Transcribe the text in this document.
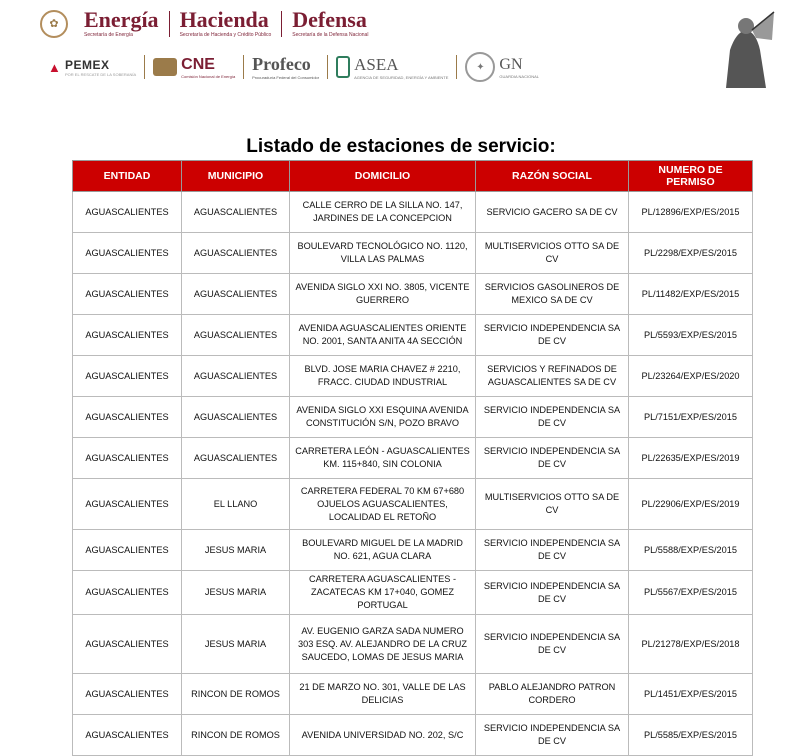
✿	Energía
Secretaría de Energía
Hacienda
Secretaría de Hacienda y Crédito Público
Defensa
Secretaría de la Defensa Nacional
▲ PEMEX
POR EL RESCATE DE LA SOBERANÍA
CNE
Comisión Nacional de Energía
Profeco
Procuraduría Federal del Consumidor
ASEA
AGENCIA DE SEGURIDAD, ENERGÍA Y AMBIENTE
✦ GN
GUARDIA NACIONAL
Listado de estaciones de servicio:
ENTIDAD	MUNICIPIO	DOMICILIO	RAZÓN SOCIAL	NUMERO DE PERMISO
AGUASCALIENTES	AGUASCALIENTES	CALLE CERRO DE LA SILLA NO. 147, JARDINES DE LA CONCEPCION	SERVICIO GACERO SA DE CV	PL/12896/EXP/ES/2015
AGUASCALIENTES	AGUASCALIENTES	BOULEVARD TECNOLÓGICO NO. 1120, VILLA LAS PALMAS	MULTISERVICIOS OTTO SA DE CV	PL/2298/EXP/ES/2015
AGUASCALIENTES	AGUASCALIENTES	AVENIDA SIGLO XXI NO. 3805, VICENTE GUERRERO	SERVICIOS GASOLINEROS DE MEXICO SA DE CV	PL/11482/EXP/ES/2015
AGUASCALIENTES	AGUASCALIENTES	AVENIDA AGUASCALIENTES ORIENTE NO. 2001, SANTA ANITA 4A SECCIÓN	SERVICIO INDEPENDENCIA SA DE CV	PL/5593/EXP/ES/2015
AGUASCALIENTES	AGUASCALIENTES	BLVD. JOSE MARIA CHAVEZ # 2210, FRACC. CIUDAD INDUSTRIAL	SERVICIOS Y REFINADOS DE AGUASCALIENTES SA DE CV	PL/23264/EXP/ES/2020
AGUASCALIENTES	AGUASCALIENTES	AVENIDA SIGLO XXI ESQUINA AVENIDA CONSTITUCIÓN S/N, POZO BRAVO	SERVICIO INDEPENDENCIA SA DE CV	PL/7151/EXP/ES/2015
AGUASCALIENTES	AGUASCALIENTES	CARRETERA LEÓN - AGUASCALIENTES KM. 115+840, SIN COLONIA	SERVICIO INDEPENDENCIA SA DE CV	PL/22635/EXP/ES/2019
AGUASCALIENTES	EL LLANO	CARRETERA FEDERAL 70 KM 67+680 OJUELOS AGUASCALIENTES, LOCALIDAD EL RETOÑO	MULTISERVICIOS OTTO SA DE CV	PL/22906/EXP/ES/2019
AGUASCALIENTES	JESUS MARIA	BOULEVARD MIGUEL DE LA MADRID NO. 621, AGUA CLARA	SERVICIO INDEPENDENCIA SA DE CV	PL/5588/EXP/ES/2015
AGUASCALIENTES	JESUS MARIA	CARRETERA AGUASCALIENTES - ZACATECAS KM 17+040, GOMEZ PORTUGAL	SERVICIO INDEPENDENCIA SA DE CV	PL/5567/EXP/ES/2015
AGUASCALIENTES	JESUS MARIA	AV. EUGENIO GARZA SADA NUMERO 303 ESQ. AV. ALEJANDRO DE LA CRUZ SAUCEDO, LOMAS DE JESUS MARIA	SERVICIO INDEPENDENCIA SA DE CV	PL/21278/EXP/ES/2018
AGUASCALIENTES	RINCON DE ROMOS	21 DE MARZO NO. 301, VALLE DE LAS DELICIAS	PABLO ALEJANDRO PATRON CORDERO	PL/1451/EXP/ES/2015
AGUASCALIENTES	RINCON DE ROMOS	AVENIDA UNIVERSIDAD NO. 202, S/C	SERVICIO INDEPENDENCIA SA DE CV	PL/5585/EXP/ES/2015
